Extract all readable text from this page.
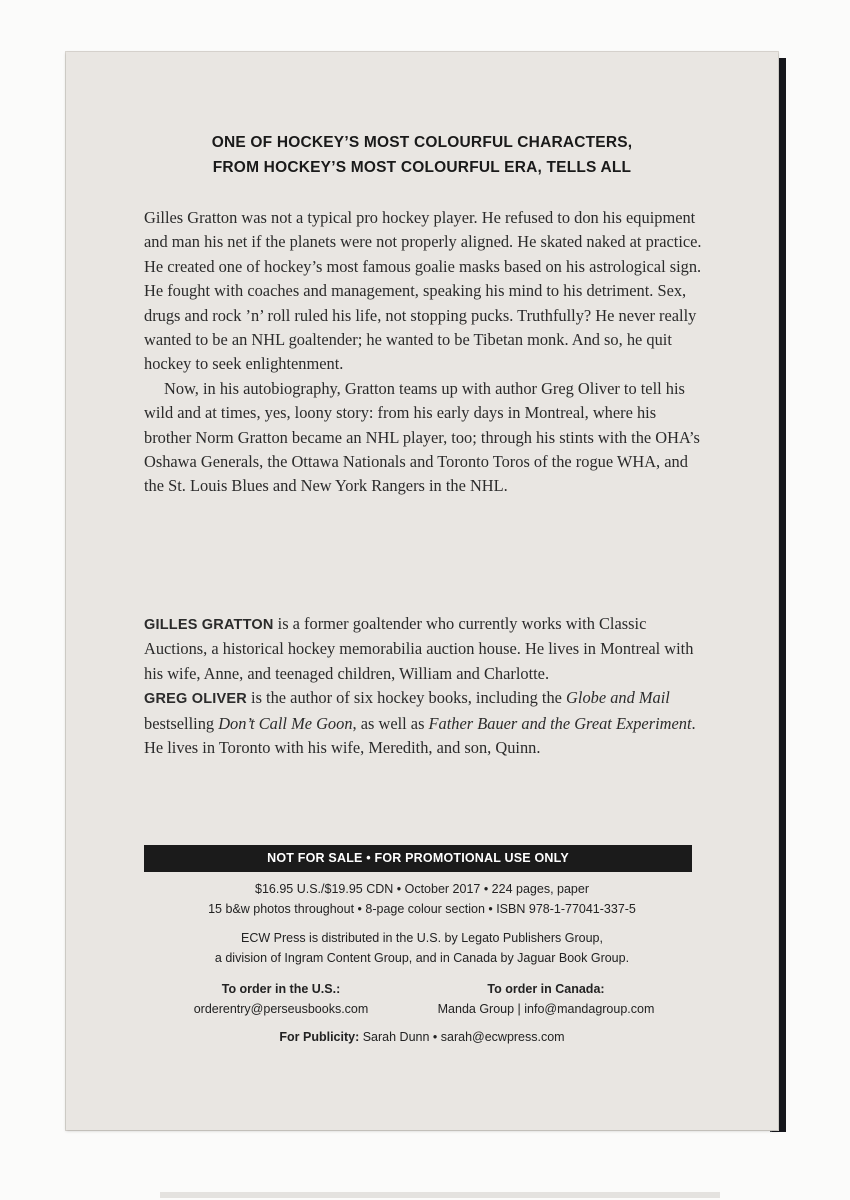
ONE OF HOCKEY’S MOST COLOURFUL CHARACTERS,
FROM HOCKEY’S MOST COLOURFUL ERA, TELLS ALL

Gilles Gratton was not a typical pro hockey player. He refused to don his equipment and man his net if the planets were not properly aligned. He skated naked at practice. He created one of hockey’s most famous goalie masks based on his astrological sign. He fought with coaches and management, speaking his mind to his detriment. Sex, drugs and rock ’n’ roll ruled his life, not stopping pucks. Truthfully? He never really wanted to be an NHL goaltender; he wanted to be Tibetan monk. And so, he quit hockey to seek enlightenment.

Now, in his autobiography, Gratton teams up with author Greg Oliver to tell his wild and at times, yes, loony story: from his early days in Montreal, where his brother Norm Gratton became an NHL player, too; through his stints with the OHA’s Oshawa Generals, the Ottawa Nationals and Toronto Toros of the rogue WHA, and the St. Louis Blues and New York Rangers in the NHL.

GILLES GRATTON is a former goaltender who currently works with Classic Auctions, a historical hockey memorabilia auction house. He lives in Montreal with his wife, Anne, and teenaged children, William and Charlotte.

GREG OLIVER is the author of six hockey books, including the Globe and Mail bestselling Don’t Call Me Goon, as well as Father Bauer and the Great Experiment. He lives in Toronto with his wife, Meredith, and son, Quinn.

NOT FOR SALE • FOR PROMOTIONAL USE ONLY
$16.95 U.S./$19.95 CDN • October 2017 • 224 pages, paper
15 b&w photos throughout • 8-page colour section • ISBN 978-1-77041-337-5
ECW Press is distributed in the U.S. by Legato Publishers Group,
a division of Ingram Content Group, and in Canada by Jaguar Book Group.
To order in the U.S.:
orderentry@perseusbooks.com
To order in Canada:
Manda Group | info@mandagroup.com
For Publicity: Sarah Dunn • sarah@ecwpress.com
